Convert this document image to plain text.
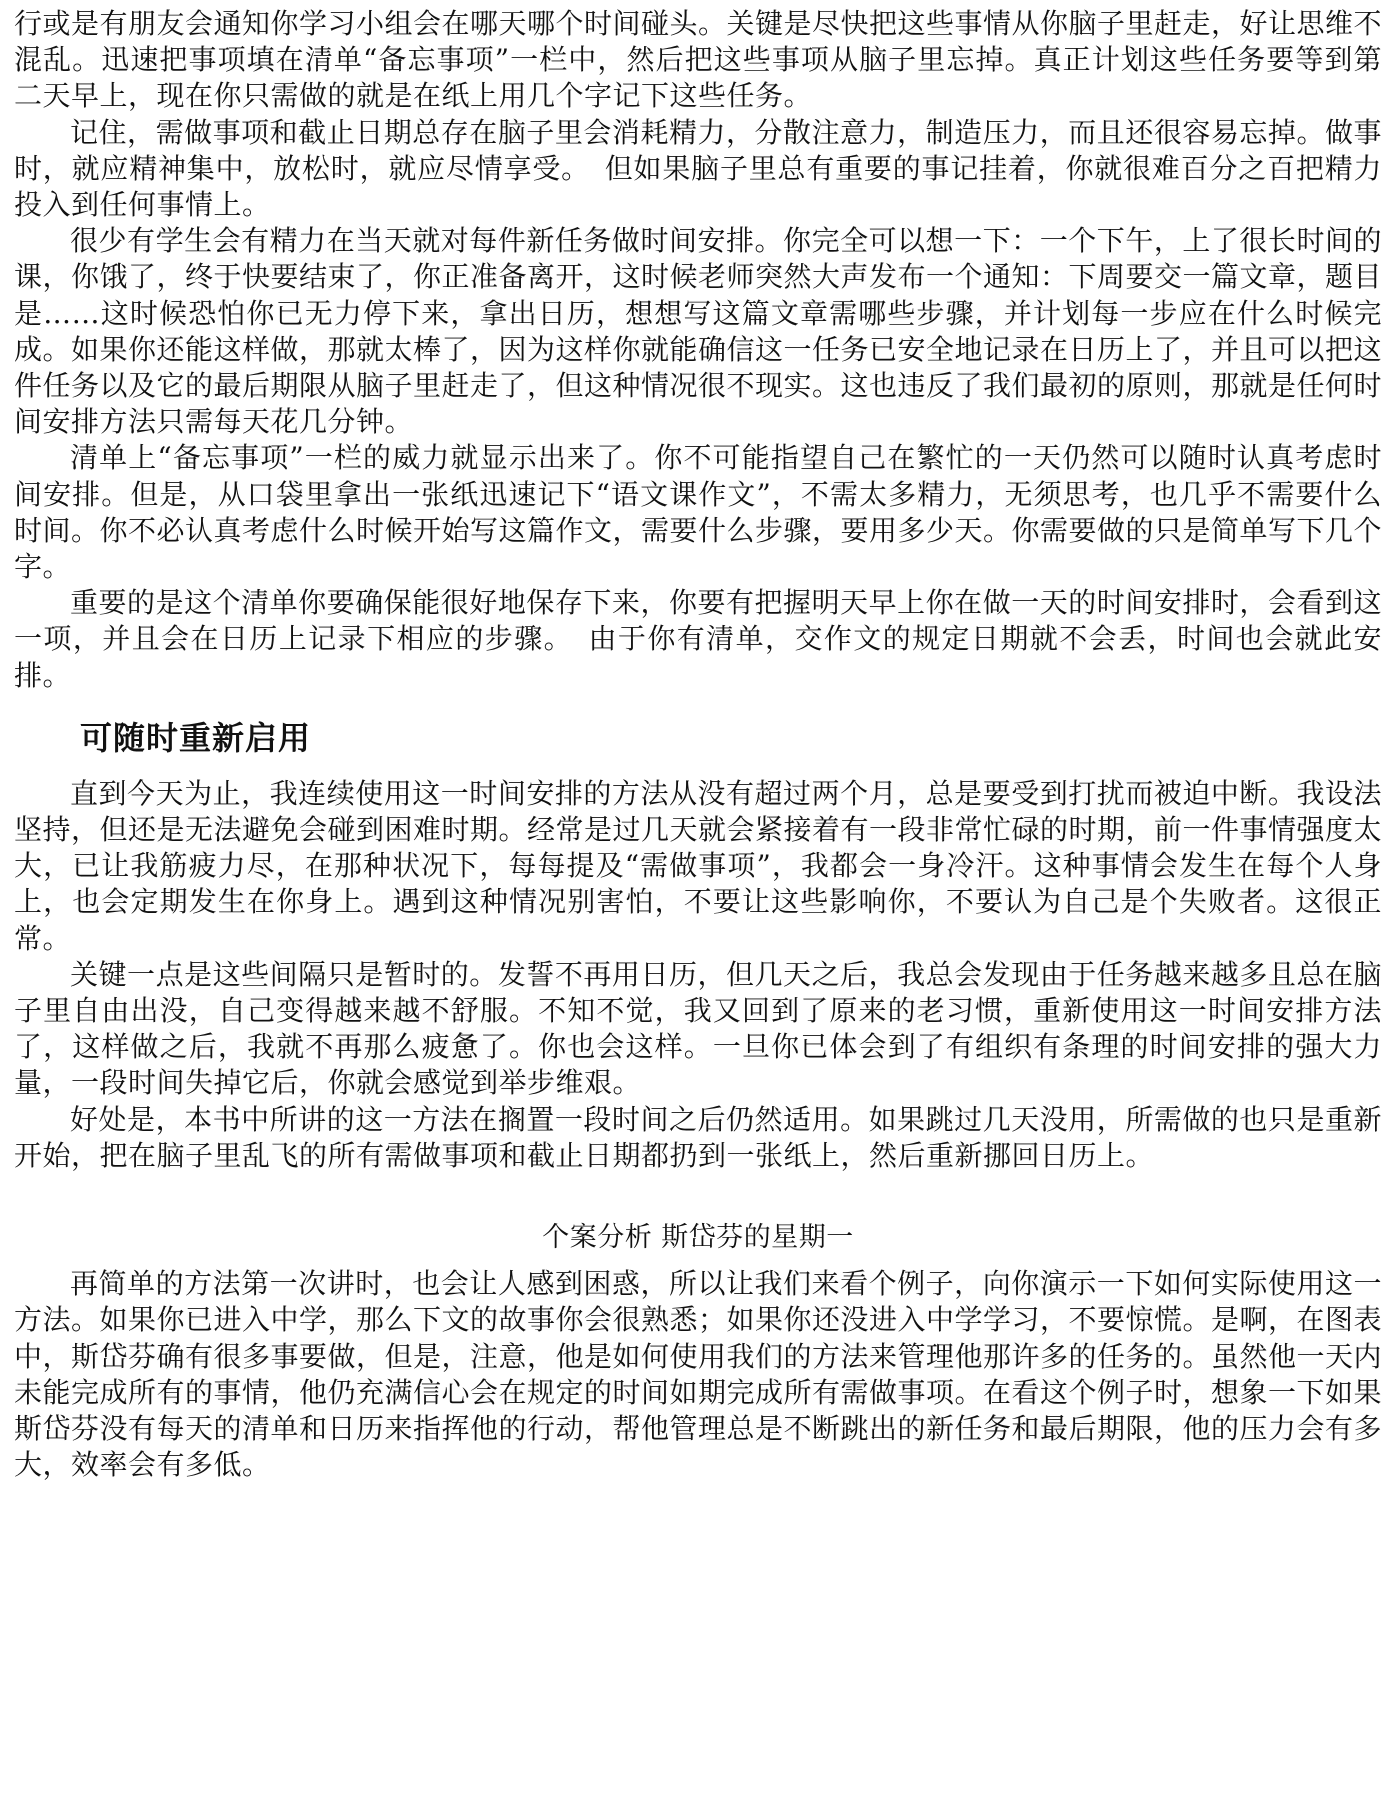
行或是有朋友会通知你学习小组会在哪天哪个时间碰头。关键是尽快把这些事情从你脑子里赶走，好让思维不混乱。迅速把事项填在清单“备忘事项”一栏中，然后把这些事项从脑子里忘掉。真正计划这些任务要等到第二天早上，现在你只需做的就是在纸上用几个字记下这些任务。

记住，需做事项和截止日期总存在脑子里会消耗精力，分散注意力，制造压力，而且还很容易忘掉。做事时，就应精神集中，放松时，就应尽情享受。　但如果脑子里总有重要的事记挂着，你就很难百分之百把精力投入到任何事情上。

很少有学生会有精力在当天就对每件新任务做时间安排。你完全可以想一下：一个下午，上了很长时间的课，你饿了，终于快要结束了，你正准备离开，这时候老师突然大声发布一个通知：下周要交一篇文章，题目是……这时候恐怕你已无力停下来，拿出日历，想想写这篇文章需哪些步骤，并计划每一步应在什么时候完成。如果你还能这样做，那就太棒了，因为这样你就能确信这一任务已安全地记录在日历上了，并且可以把这件任务以及它的最后期限从脑子里赶走了，但这种情况很不现实。这也违反了我们最初的原则，那就是任何时间安排方法只需每天花几分钟。

清单上“备忘事项”一栏的威力就显示出来了。你不可能指望自己在繁忙的一天仍然可以随时认真考虑时间安排。但是，从口袋里拿出一张纸迅速记下“语文课作文”，不需太多精力，无须思考，也几乎不需要什么时间。你不必认真考虑什么时候开始写这篇作文，需要什么步骤，要用多少天。你需要做的只是简单写下几个字。

重要的是这个清单你要确保能很好地保存下来，你要有把握明天早上你在做一天的时间安排时，会看到这一项，并且会在日历上记录下相应的步骤。　由于你有清单，交作文的规定日期就不会丢，时间也会就此安排。

可随时重新启用

直到今天为止，我连续使用这一时间安排的方法从没有超过两个月，总是要受到打扰而被迫中断。我设法坚持，但还是无法避免会碰到困难时期。经常是过几天就会紧接着有一段非常忙碌的时期，前一件事情强度太大，已让我筋疲力尽，在那种状况下，每每提及“需做事项”，我都会一身冷汗。这种事情会发生在每个人身上，也会定期发生在你身上。遇到这种情况别害怕，不要让这些影响你，不要认为自己是个失败者。这很正常。

关键一点是这些间隔只是暂时的。发誓不再用日历，但几天之后，我总会发现由于任务越来越多且总在脑子里自由出没，自己变得越来越不舒服。不知不觉，我又回到了原来的老习惯，重新使用这一时间安排方法了，这样做之后，我就不再那么疲惫了。你也会这样。一旦你已体会到了有组织有条理的时间安排的强大力量，一段时间失掉它后，你就会感觉到举步维艰。

好处是，本书中所讲的这一方法在搁置一段时间之后仍然适用。如果跳过几天没用，所需做的也只是重新开始，把在脑子里乱飞的所有需做事项和截止日期都扔到一张纸上，然后重新挪回日历上。

个案分析 斯岱芬的星期一

再简单的方法第一次讲时，也会让人感到困惑，所以让我们来看个例子，向你演示一下如何实际使用这一方法。如果你已进入中学，那么下文的故事你会很熟悉；如果你还没进入中学学习，不要惊慌。是啊，在图表中，斯岱芬确有很多事要做，但是，注意，他是如何使用我们的方法来管理他那许多的任务的。虽然他一天内未能完成所有的事情，他仍充满信心会在规定的时间如期完成所有需做事项。在看这个例子时，想象一下如果斯岱芬没有每天的清单和日历来指挥他的行动，帮他管理总是不断跳出的新任务和最后期限，他的压力会有多大，效率会有多低。
